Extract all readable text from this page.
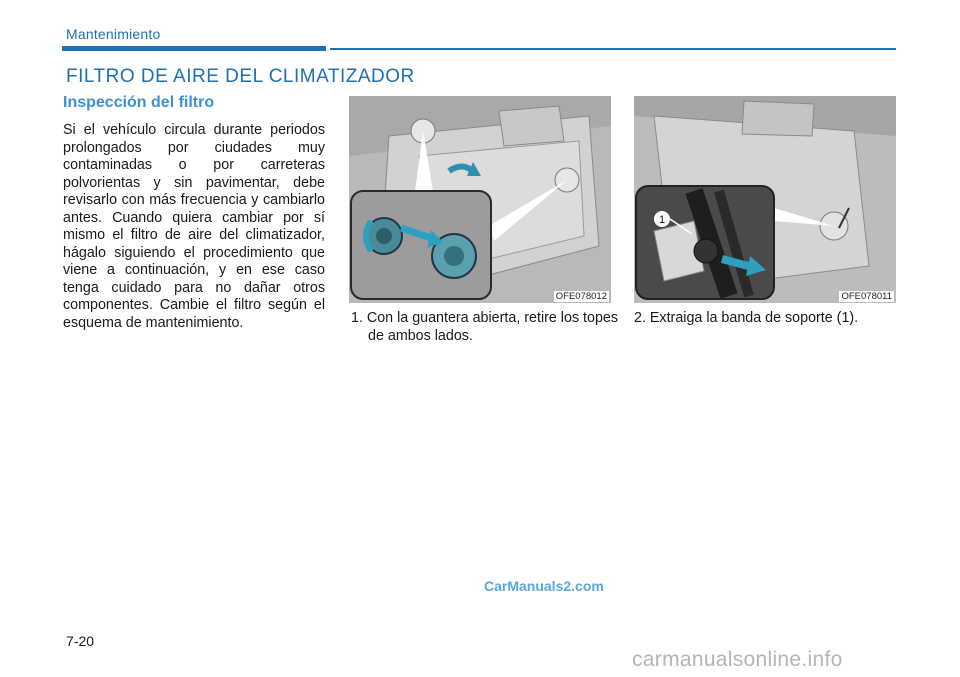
Mantenimiento
FILTRO DE AIRE DEL CLIMATIZADOR
Inspección del filtro
Si el vehículo circula durante periodos prolongados por ciudades muy contaminadas o por carreteras polvorientas y sin pavimentar, debe revisarlo con más frecuencia y cambiarlo antes. Cuando quiera cambiar por sí mismo el filtro de aire del climatizador, hágalo siguiendo el procedimiento que viene a continuación, y en ese caso tenga cuidado para no dañar otros componentes. Cambie el filtro según el esquema de mantenimiento.
OFE078012
1
OFE078011
1. Con la guantera abierta, retire los topes de ambos lados.
2. Extraiga la banda de soporte (1).
CarManuals2.com
7-20
carmanualsonline.info
